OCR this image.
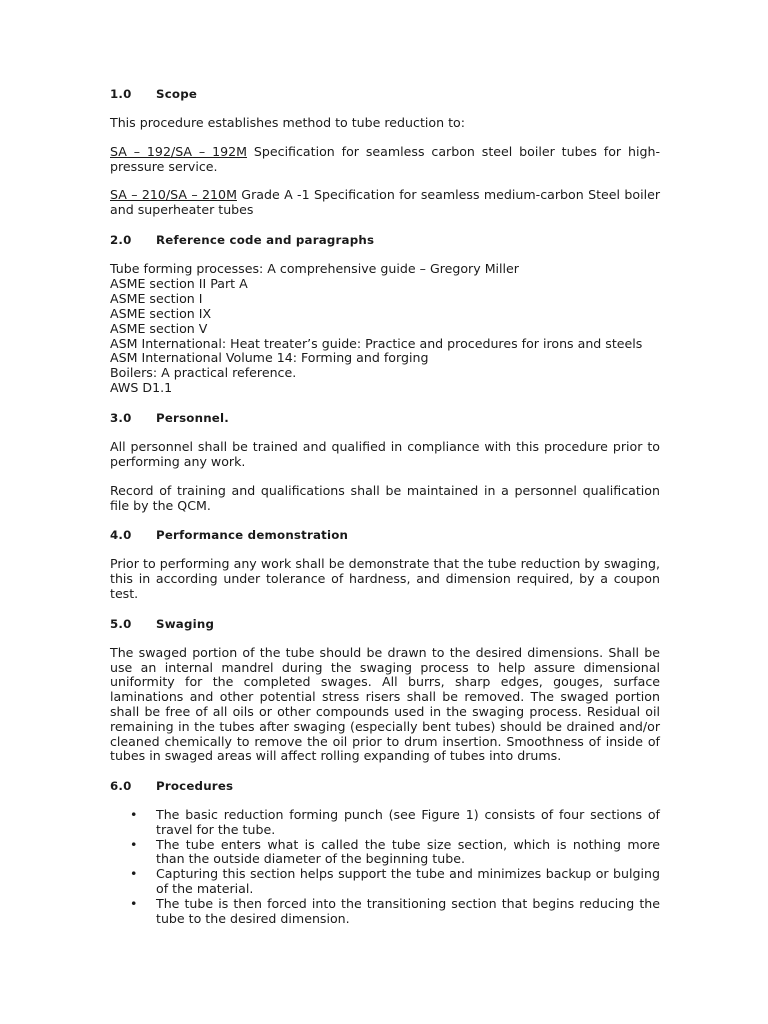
1.0 Scope

This procedure establishes method to tube reduction to:

SA – 192/SA – 192M Specification for seamless carbon steel boiler tubes for high-pressure service.

SA – 210/SA – 210M Grade A -1 Specification for seamless medium-carbon Steel boiler and superheater tubes

2.0 Reference code and paragraphs
Tube forming processes: A comprehensive guide – Gregory Miller
ASME section II Part A
ASME section I
ASME section IX
ASME section V
ASM International: Heat treater’s guide: Practice and procedures for irons and steels
ASM International Volume 14: Forming and forging
Boilers: A practical reference.
AWS D1.1
3.0 Personnel.

All personnel shall be trained and qualified in compliance with this procedure prior to performing any work.

Record of training and qualifications shall be maintained in a personnel qualification file by the QCM.

4.0 Performance demonstration

Prior to performing any work shall be demonstrate that the tube reduction by swaging, this in according under tolerance of hardness, and dimension required, by a coupon test.

5.0 Swaging

The swaged portion of the tube should be drawn to the desired dimensions. Shall be use an internal mandrel during the swaging process to help assure dimensional uniformity for the completed swages. All burrs, sharp edges, gouges, surface laminations and other potential stress risers shall be removed. The swaged portion shall be free of all oils or other compounds used in the swaging process. Residual oil remaining in the tubes after swaging (especially bent tubes) should be drained and/or cleaned chemically to remove the oil prior to drum insertion. Smoothness of inside of tubes in swaged areas will affect rolling expanding of tubes into drums.

6.0 Procedures
• The basic reduction forming punch (see Figure 1) consists of four sections of travel for the tube.
• The tube enters what is called the tube size section, which is nothing more than the outside diameter of the beginning tube.
• Capturing this section helps support the tube and minimizes backup or bulging of the material.
• The tube is then forced into the transitioning section that begins reducing the tube to the desired dimension.
